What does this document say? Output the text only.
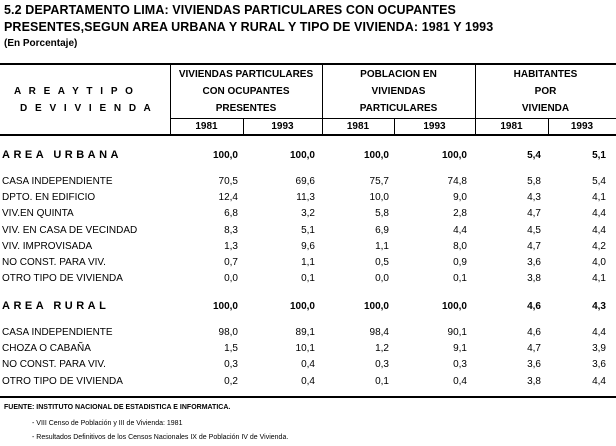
5.2 DEPARTAMENTO LIMA: VIVIENDAS PARTICULARES CON OCUPANTES
PRESENTES,SEGUN AREA URBANA Y RURAL Y TIPO DE VIVIENDA: 1981 Y 1993
(En Porcentaje)
A R E A Y T I P O
D E V I V I E N D A
VIVIENDAS PARTICULARES
CON OCUPANTES
PRESENTES
POBLACION EN
VIVIENDAS
PARTICULARES
HABITANTES
POR
VIVIENDA
1981	1993	1981	1993	1981	1993
AREA URBANA	100,0	100,0	100,0	100,0	5,4	5,1
CASA INDEPENDIENTE	70,5	69,6	75,7	74,8	5,8	5,4
DPTO. EN EDIFICIO	12,4	11,3	10,0	9,0	4,3	4,1
VIV.EN QUINTA	6,8	3,2	5,8	2,8	4,7	4,4
VIV. EN CASA DE VECINDAD	8,3	5,1	6,9	4,4	4,5	4,4
VIV. IMPROVISADA	1,3	9,6	1,1	8,0	4,7	4,2
NO CONST. PARA VIV.	0,7	1,1	0,5	0,9	3,6	4,0
OTRO TIPO DE VIVIENDA	0,0	0,1	0,0	0,1	3,8	4,1
AREA RURAL	100,0	100,0	100,0	100,0	4,6	4,3
CASA INDEPENDIENTE	98,0	89,1	98,4	90,1	4,6	4,4
CHOZA O CABAÑA	1,5	10,1	1,2	9,1	4,7	3,9
NO CONST. PARA VIV.	0,3	0,4	0,3	0,3	3,6	3,6
OTRO TIPO DE VIVIENDA	0,2	0,4	0,1	0,4	3,8	4,4
FUENTE: INSTITUTO NACIONAL DE ESTADISTICA E INFORMATICA.
- VIII Censo de Población y III de Vivienda: 1981
- Resultados Definitivos de los Censos Nacionales IX de Población IV de Vivienda.
